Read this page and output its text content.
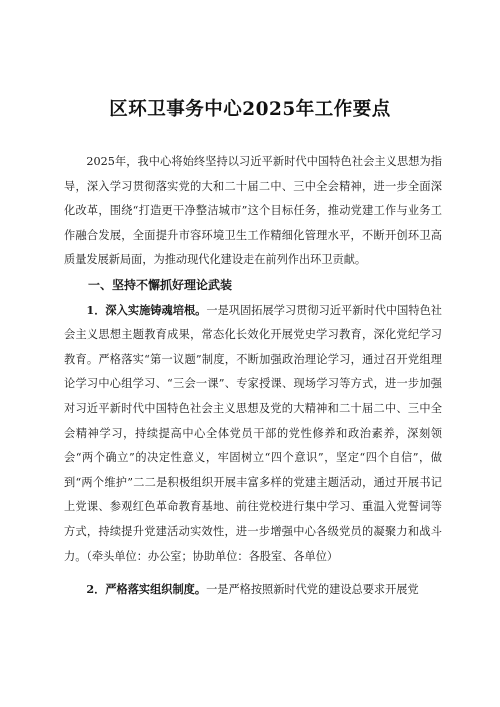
区环卫事务中心2025年工作要点

2025年，我中心将始终坚持以习近平新时代中国特色社会主义思想为指导，深入学习贯彻落实党的大和二十届二中、三中全会精神，进一步全面深化改革，围绕“打造更干净整洁城市”这个目标任务，推动党建工作与业务工作融合发展，全面提升市容环境卫生工作精细化管理水平，不断开创环卫高质量发展新局面，为推动现代化建设走在前列作出环卫贡献。

一、坚持不懈抓好理论武装

1．深入实施铸魂培根。一是巩固拓展学习贯彻习近平新时代中国特色社会主义思想主题教育成果，常态化长效化开展党史学习教育，深化党纪学习教育。严格落实“第一议题”制度，不断加强政治理论学习，通过召开党组理论学习中心组学习、“三会一课”、专家授课、现场学习等方式，进一步加强对习近平新时代中国特色社会主义思想及党的大精神和二十届二中、三中全会精神学习，持续提高中心全体党员干部的党性修养和政治素养，深刻领会“两个确立”的决定性意义，牢固树立“四个意识”，坚定“四个自信”，做到“两个维护”二二是积极组织开展丰富多样的党建主题活动，通过开展书记上党课、参观红色革命教育基地、前往党校进行集中学习、重温入党誓词等方式，持续提升党建活动实效性，进一步增强中心各级党员的凝聚力和战斗力。（牵头单位：办公室；协助单位：各股室、各单位）

2．严格落实组织制度。一是严格按照新时代党的建设总要求开展党
